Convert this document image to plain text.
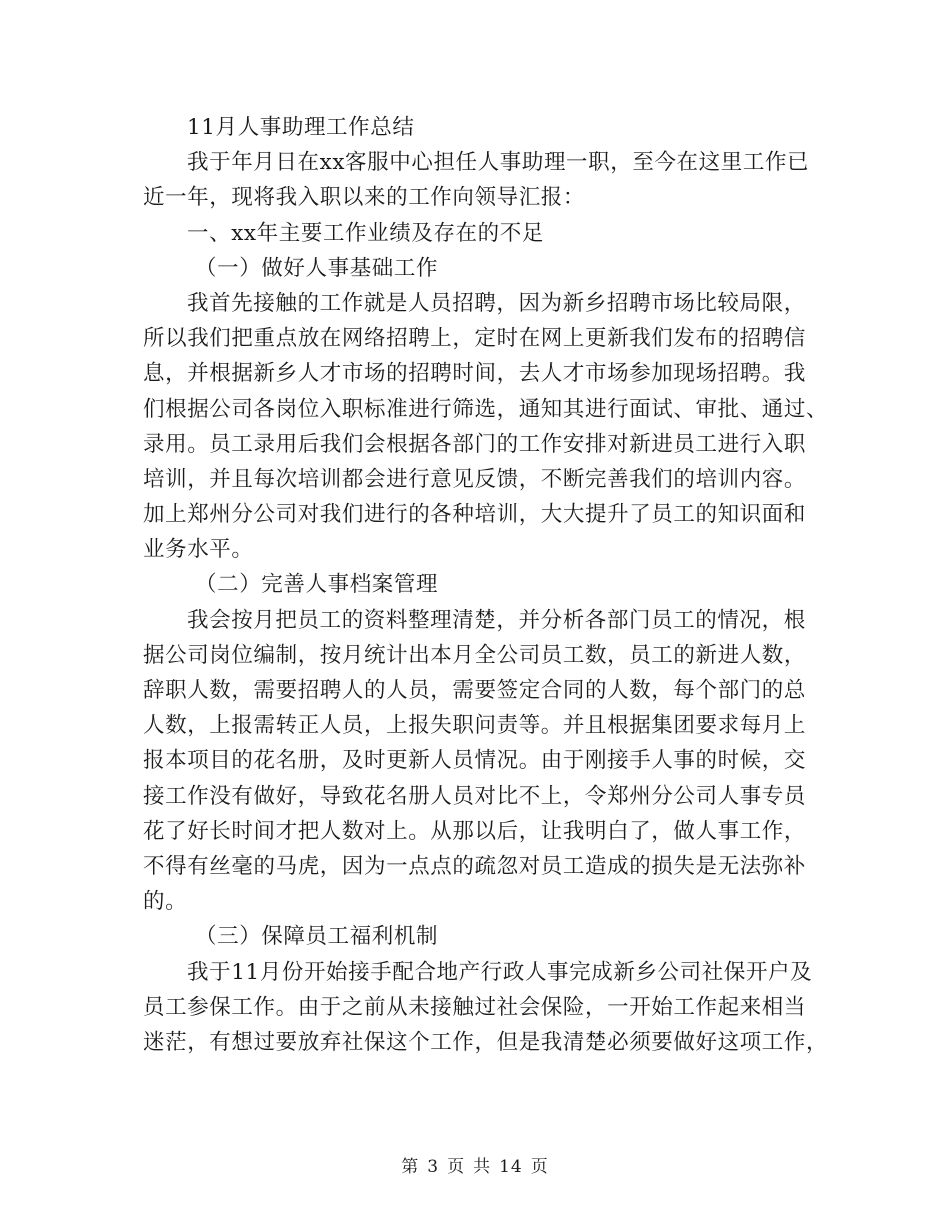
11月人事助理工作总结
我于年月日在xx客服中心担任人事助理一职，至今在这里工作已
近一年，现将我入职以来的工作向领导汇报：
一、xx年主要工作业绩及存在的不足
（一）做好人事基础工作
我首先接触的工作就是人员招聘，因为新乡招聘市场比较局限，
所以我们把重点放在网络招聘上，定时在网上更新我们发布的招聘信
息，并根据新乡人才市场的招聘时间，去人才市场参加现场招聘。我
们根据公司各岗位入职标准进行筛选，通知其进行面试、审批、通过、
录用。员工录用后我们会根据各部门的工作安排对新进员工进行入职
培训，并且每次培训都会进行意见反馈，不断完善我们的培训内容。
加上郑州分公司对我们进行的各种培训，大大提升了员工的知识面和
业务水平。
（二）完善人事档案管理
我会按月把员工的资料整理清楚，并分析各部门员工的情况，根
据公司岗位编制，按月统计出本月全公司员工数，员工的新进人数，
辞职人数，需要招聘人的人员，需要签定合同的人数，每个部门的总
人数，上报需转正人员，上报失职问责等。并且根据集团要求每月上
报本项目的花名册，及时更新人员情况。由于刚接手人事的时候，交
接工作没有做好，导致花名册人员对比不上，令郑州分公司人事专员
花了好长时间才把人数对上。从那以后，让我明白了，做人事工作，
不得有丝毫的马虎，因为一点点的疏忽对员工造成的损失是无法弥补
的。
（三）保障员工福利机制
我于11月份开始接手配合地产行政人事完成新乡公司社保开户及
员工参保工作。由于之前从未接触过社会保险，一开始工作起来相当
迷茫，有想过要放弃社保这个工作，但是我清楚必须要做好这项工作，
第 3 页 共 14 页
